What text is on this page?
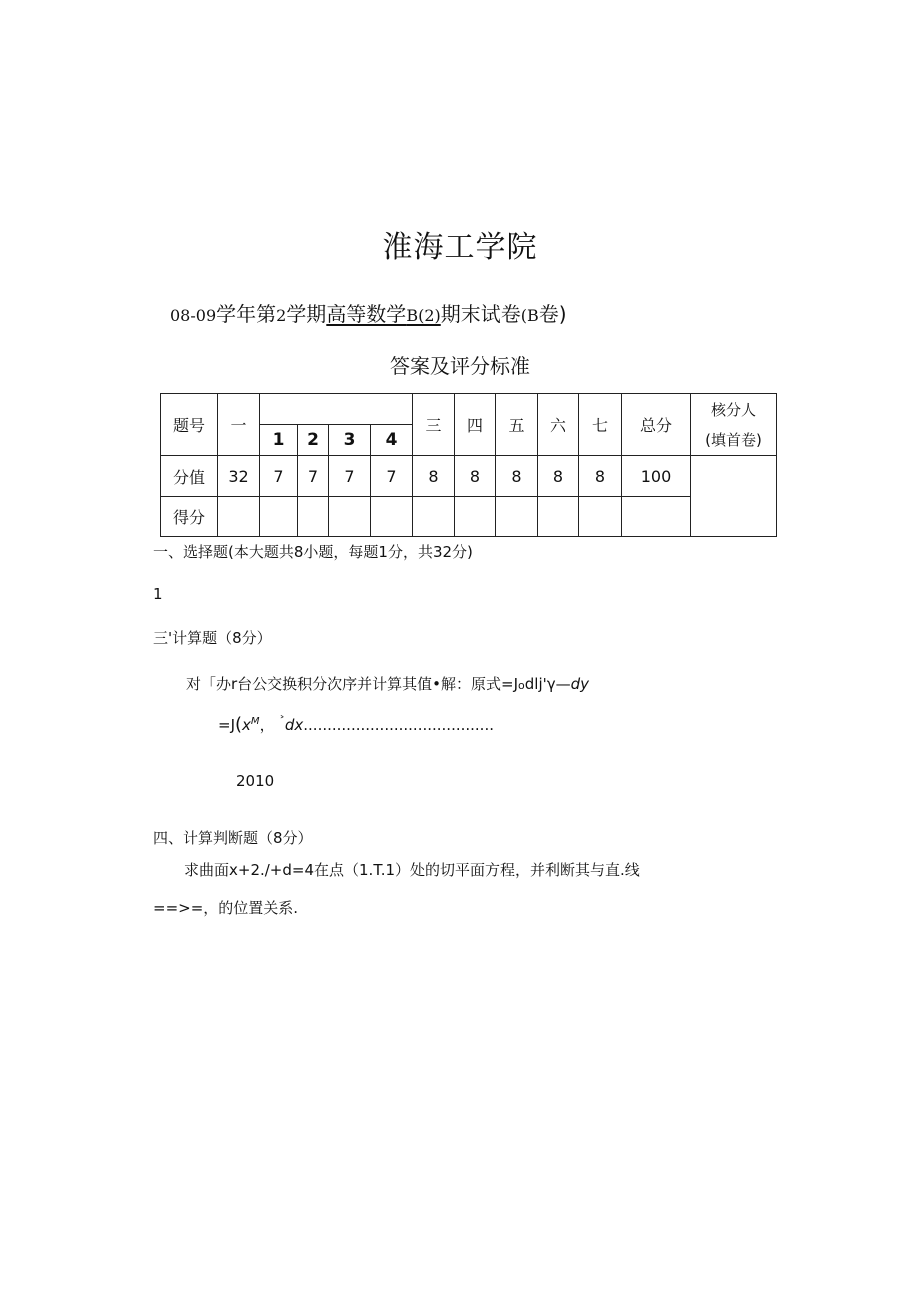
淮海工学院
08-09学年第2学期高等数学B(2)期末试卷(B卷)
答案及评分标准
题号	一					三	四	五	六	七	总分	核分人
(填首卷)

		1	2	3	4							
分值	32	7	7	7	7	8	8	8	8	8	100	
得分												
一、选择题(本大题共8小题，每题1分，共32分)
1
三'计算题（8分）
对「办r台公交换积分次序并计算其值•解：原式=Jodlj'γ—dy
$=J(x^M$， ˃dx........................................
2010
四、计算判断题（8分）
求曲面x+2./+d=4在点（1.T.1）处的切平面方程，并利断其与直.线
==>=，的位置关系.
